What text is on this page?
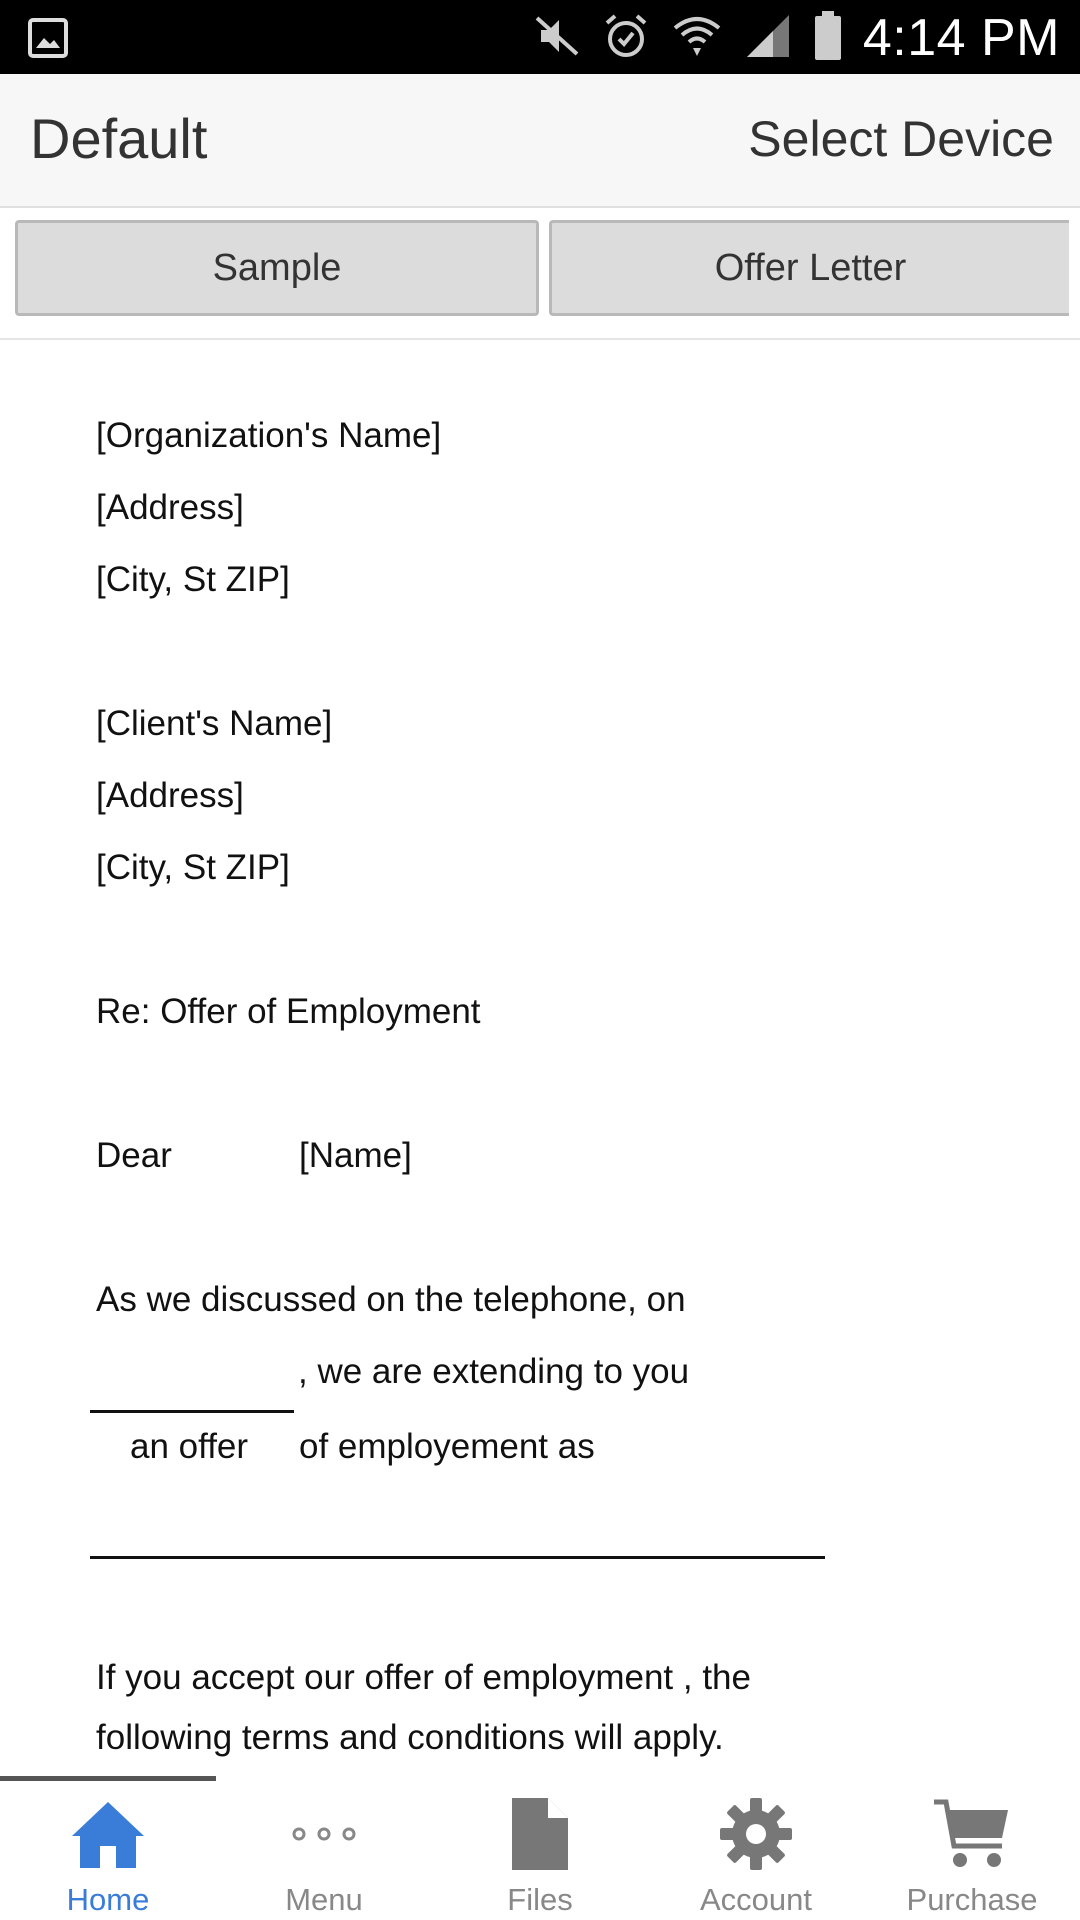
4:14 PM
Default	Select Device
Sample	Offer Letter
[Organization's Name]
[Address]
[City, St ZIP]
[Client's Name]
[Address]
[City, St ZIP]
Re: Offer of Employment
Dear	[Name]
As we discussed on the telephone, on
, we are extending to you
an offer of employement as
If you accept our offer of employment , the
following terms and conditions will apply.
Home	Menu	Files	Account	Purchase
